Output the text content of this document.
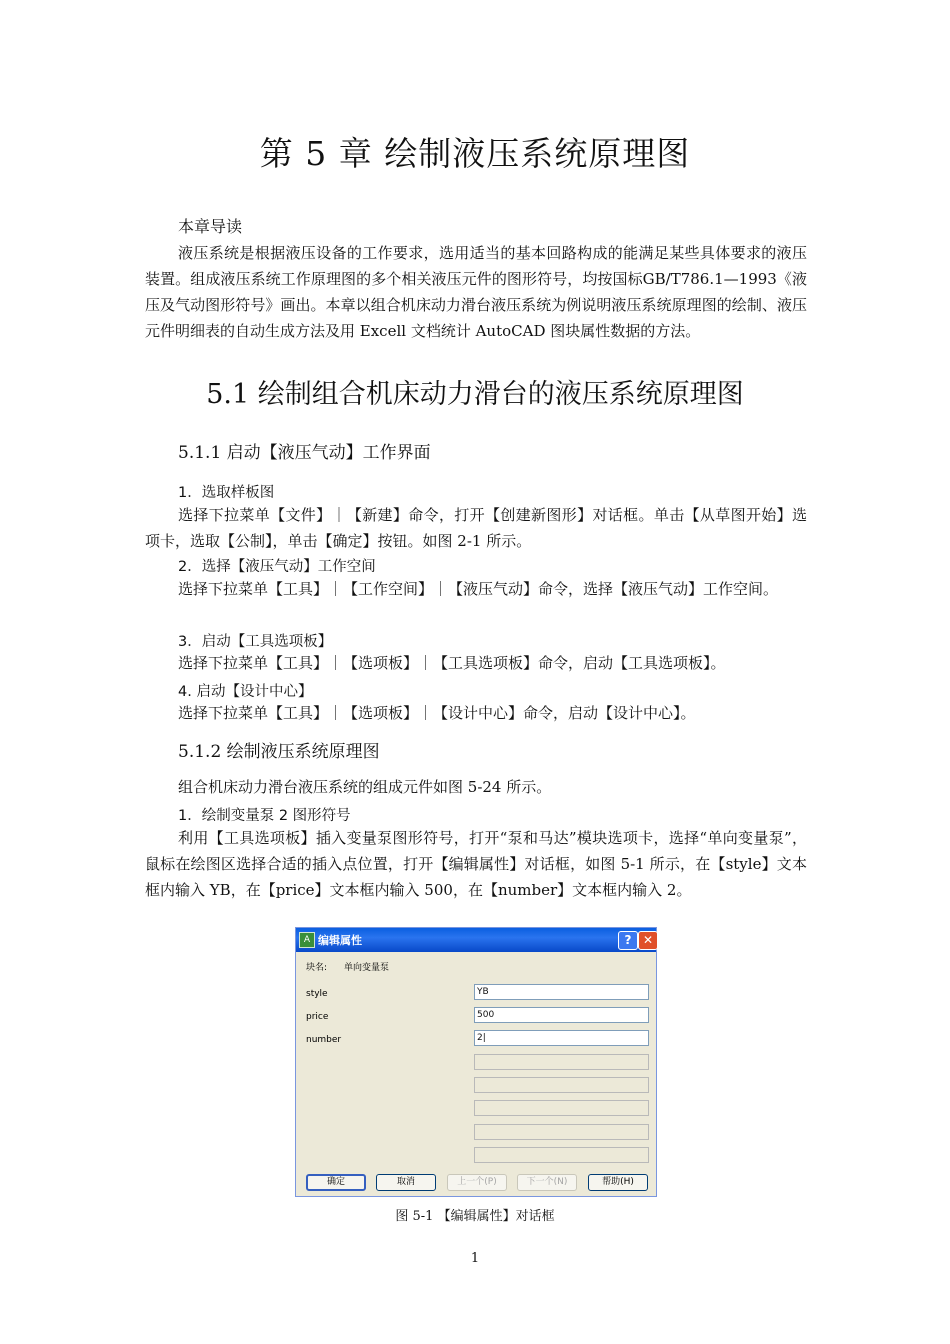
第 5 章 绘制液压系统原理图
本章导读
液压系统是根据液压设备的工作要求，选用适当的基本回路构成的能满足某些具体要求的液压装置。组成液压系统工作原理图的多个相关液压元件的图形符号，均按国标GB/T786.1—1993《液压及气动图形符号》画出。本章以组合机床动力滑台液压系统为例说明液压系统原理图的绘制、液压元件明细表的自动生成方法及用 Excell 文档统计 AutoCAD 图块属性数据的方法。
5.1 绘制组合机床动力滑台的液压系统原理图
5.1.1 启动【液压气动】工作界面
1．选取样板图
选择下拉菜单【文件】｜【新建】命令，打开【创建新图形】对话框。单击【从草图开始】选项卡，选取【公制】，单击【确定】按钮。如图 2-1 所示。
2．选择【液压气动】工作空间
选择下拉菜单【工具】｜【工作空间】｜【液压气动】命令，选择【液压气动】工作空间。
3．启动【工具选项板】
选择下拉菜单【工具】｜【选项板】｜【工具选项板】命令，启动【工具选项板】。
4. 启动【设计中心】
选择下拉菜单【工具】｜【选项板】｜【设计中心】命令，启动【设计中心】。
5.1.2 绘制液压系统原理图
组合机床动力滑台液压系统的组成元件如图 5-24 所示。
1．绘制变量泵 2 图形符号
利用【工具选项板】插入变量泵图形符号，打开“泵和马达”模块选项卡，选择“单向变量泵”，鼠标在绘图区选择合适的插入点位置，打开【编辑属性】对话框，如图 5-1 所示，在【style】文本框内输入 YB，在【price】文本框内输入 500，在【number】文本框内输入 2。
A 编辑属性	? ✕
块名: 单向变量泵
style	YB
price	500
number	2|
确定	取消	上一个(P)	下一个(N)	帮助(H)
图 5-1 【编辑属性】对话框
1
